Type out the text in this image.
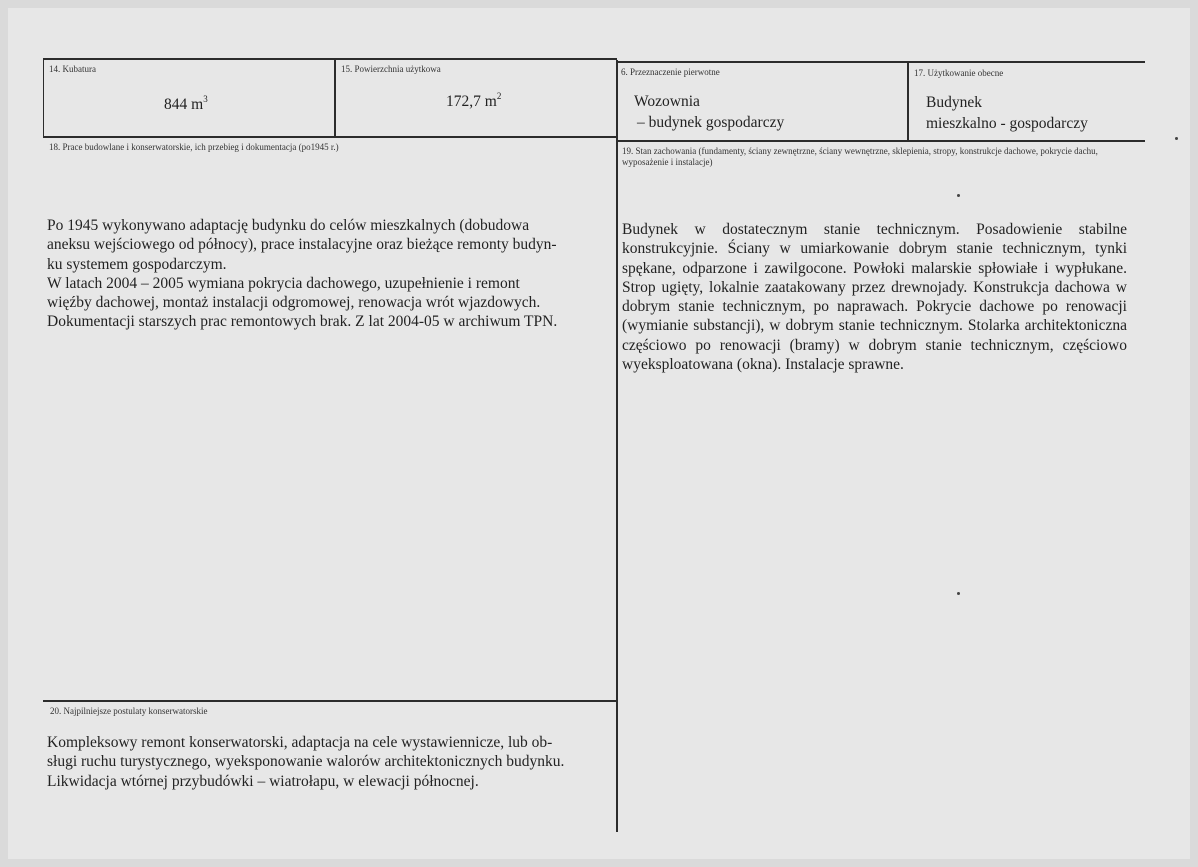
14. Kubatura
844 $m^3$
15. Powierzchnia użytkowa
172,7 $m^2$
6. Przeznaczenie pierwotne
Wozownia
– budynek gospodarczy
17. Użytkowanie obecne
Budynek
mieszkalno - gospodarczy
18. Prace budowlane i konserwatorskie, ich przebieg i dokumentacja (po1945 r.)
Po 1945 wykonywano adaptację budynku do celów mieszkalnych (dobudowa
aneksu wejściowego od północy), prace instalacyjne oraz bieżące remonty budyn-
ku systemem gospodarczym.
W latach 2004 – 2005 wymiana pokrycia dachowego, uzupełnienie i remont
więźby dachowej, montaż instalacji odgromowej, renowacja wrót wjazdowych.
Dokumentacji starszych prac remontowych brak. Z lat 2004-05 w archiwum TPN.
19. Stan zachowania (fundamenty, ściany zewnętrzne, ściany wewnętrzne, sklepienia, stropy, konstrukcje dachowe, pokrycie dachu, wyposażenie i instalacje)
Budynek w dostatecznym stanie technicznym. Posadowienie stabilne konstrukcyjnie. Ściany w umiarkowanie dobrym stanie technicznym, tynki spękane, odparzone i zawilgocone. Powłoki malarskie spłowiałe i wypłukane. Strop ugięty, lokalnie zaatakowany przez drewnojady. Konstrukcja dachowa w dobrym stanie technicznym, po naprawach. Pokrycie dachowe po renowacji (wymianie substancji), w dobrym stanie technicznym. Stolarka architektoniczna częściowo po renowacji (bramy) w dobrym stanie technicznym, częściowo wyeksploatowana (okna). Instalacje sprawne.
20. Najpilniejsze postulaty konserwatorskie
Kompleksowy remont konserwatorski, adaptacja na cele wystawiennicze, lub ob-
sługi ruchu turystycznego, wyeksponowanie walorów architektonicznych budynku.
Likwidacja wtórnej przybudówki – wiatrołapu, w elewacji północnej.
